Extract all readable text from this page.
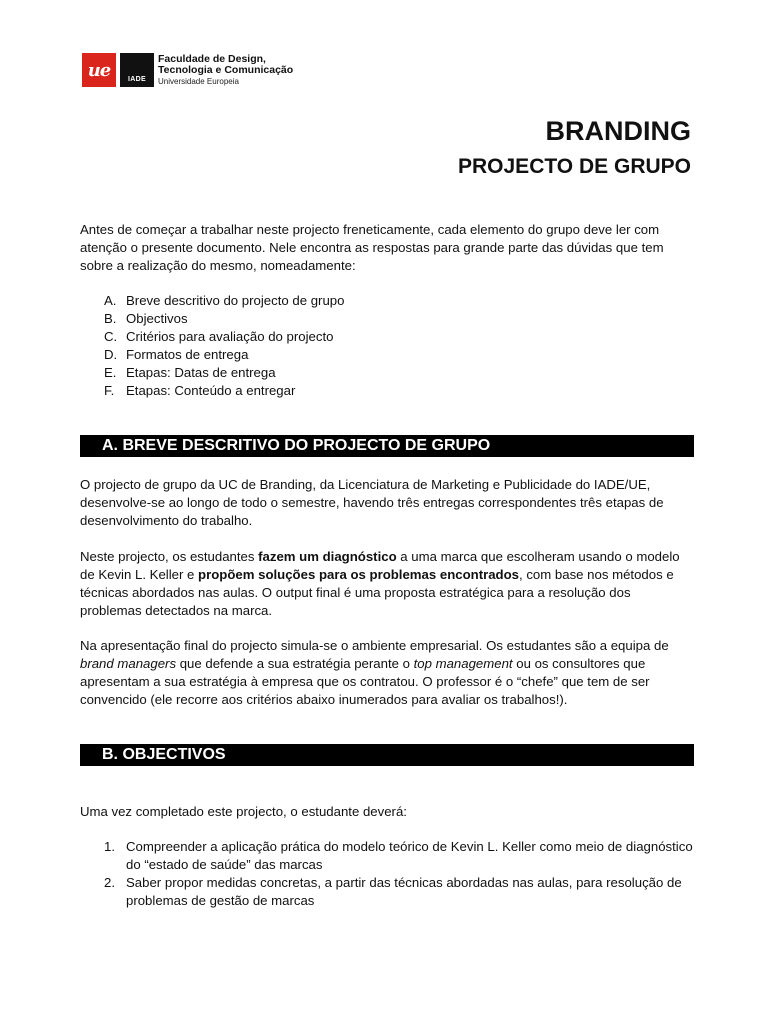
ue	IADE
Faculdade de Design,
Tecnologia e Comunicação
Universidade Europeia
BRANDING
PROJECTO DE GRUPO

Antes de começar a trabalhar neste projecto freneticamente, cada elemento do grupo deve ler com atenção o presente documento. Nele encontra as respostas para grande parte das dúvidas que tem sobre a realização do mesmo, nomeadamente:

A. Breve descritivo do projecto de grupo
B. Objectivos
C. Critérios para avaliação do projecto
D. Formatos de entrega
E. Etapas: Datas de entrega
F. Etapas: Conteúdo a entregar
A. BREVE DESCRITIVO DO PROJECTO DE GRUPO

O projecto de grupo da UC de Branding, da Licenciatura de Marketing e Publicidade do IADE/UE, desenvolve-se ao longo de todo o semestre, havendo três entregas correspondentes três etapas de desenvolvimento do trabalho.

Neste projecto, os estudantes fazem um diagnóstico a uma marca que escolheram usando o modelo de Kevin L. Keller e propõem soluções para os problemas encontrados, com base nos métodos e técnicas abordados nas aulas. O output final é uma proposta estratégica para a resolução dos problemas detectados na marca.

Na apresentação final do projecto simula-se o ambiente empresarial. Os estudantes são a equipa de brand managers que defende a sua estratégia perante o top management ou os consultores que apresentam a sua estratégia à empresa que os contratou. O professor é o “chefe” que tem de ser convencido (ele recorre aos critérios abaixo inumerados para avaliar os trabalhos!).

B. OBJECTIVOS

Uma vez completado este projecto, o estudante deverá:

1. Compreender a aplicação prática do modelo teórico de Kevin L. Keller como meio de diagnóstico do “estado de saúde” das marcas
2. Saber propor medidas concretas, a partir das técnicas abordadas nas aulas, para resolução de problemas de gestão de marcas
